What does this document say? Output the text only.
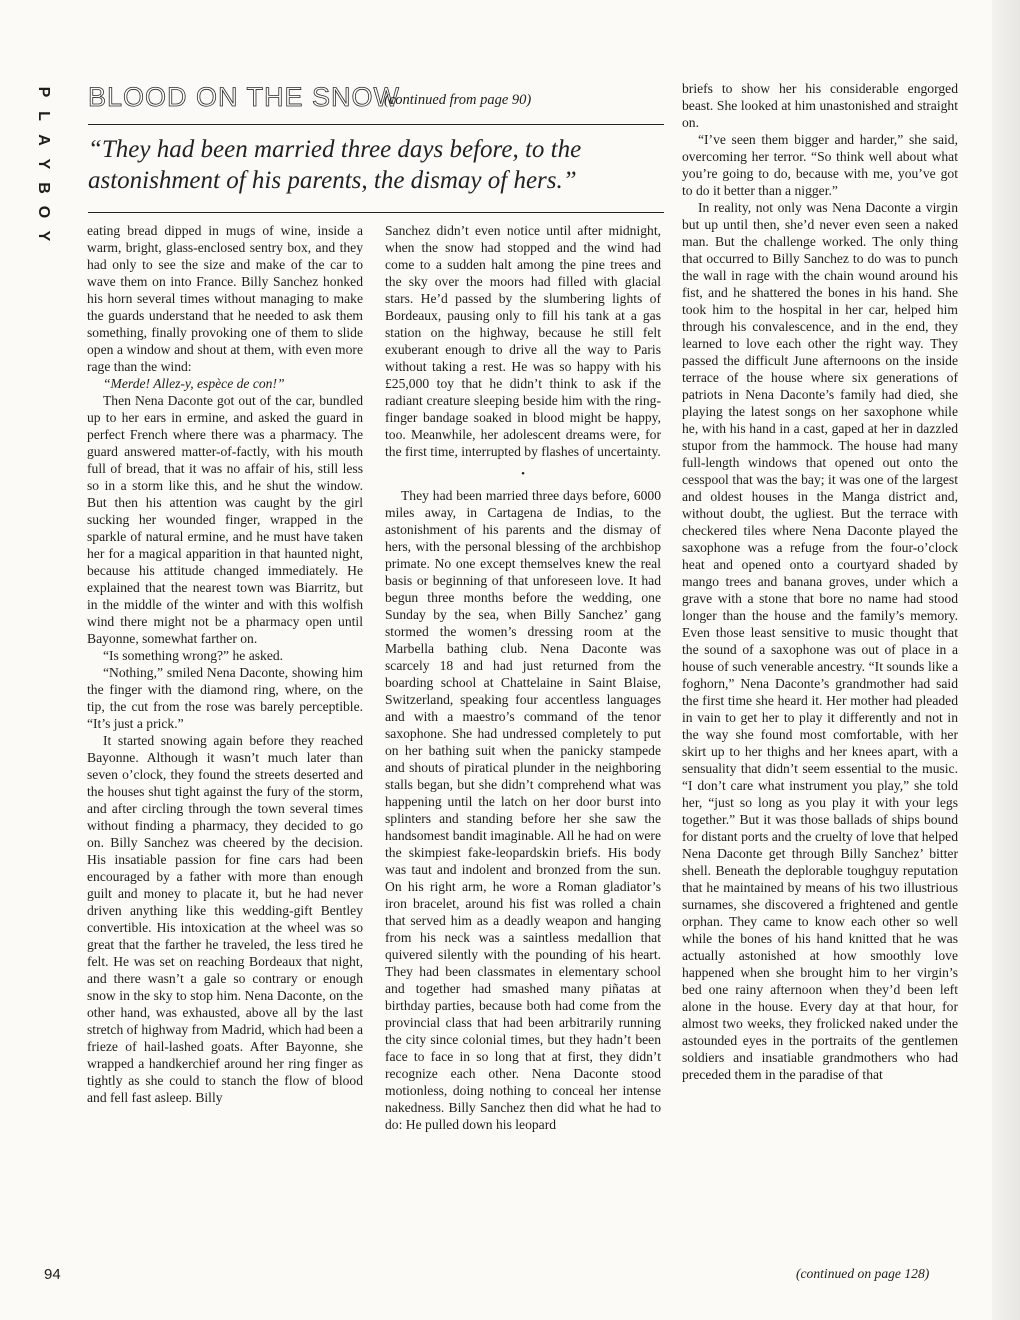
P
L
A
Y
B
O
Y
BLOOD ON THE SNOW
(continued from page 90)
“They had been married three days before, to the astonishment of his parents, the dismay of hers.”

eating bread dipped in mugs of wine, inside a warm, bright, glass-enclosed sentry box, and they had only to see the size and make of the car to wave them on into France. Billy Sanchez honked his horn several times without managing to make the guards understand that he needed to ask them something, finally provoking one of them to slide open a window and shout at them, with even more rage than the wind:

“Merde! Allez-y, espèce de con!”

Then Nena Daconte got out of the car, bundled up to her ears in ermine, and asked the guard in perfect French where there was a pharmacy. The guard answered matter-of-factly, with his mouth full of bread, that it was no affair of his, still less so in a storm like this, and he shut the window. But then his attention was caught by the girl sucking her wounded finger, wrapped in the sparkle of natural ermine, and he must have taken her for a magical apparition in that haunted night, because his attitude changed immediately. He explained that the nearest town was Biarritz, but in the middle of the winter and with this wolfish wind there might not be a pharmacy open until Bayonne, somewhat farther on.

“Is something wrong?” he asked.

“Nothing,” smiled Nena Daconte, showing him the finger with the diamond ring, where, on the tip, the cut from the rose was barely perceptible. “It’s just a prick.”

It started snowing again before they reached Bayonne. Although it wasn’t much later than seven o’clock, they found the streets deserted and the houses shut tight against the fury of the storm, and after circling through the town several times without finding a pharmacy, they decided to go on. Billy Sanchez was cheered by the decision. His insatiable passion for fine cars had been encouraged by a father with more than enough guilt and money to placate it, but he had never driven anything like this wedding-gift Bentley convertible. His intoxication at the wheel was so great that the farther he traveled, the less tired he felt. He was set on reaching Bordeaux that night, and there wasn’t a gale so contrary or enough snow in the sky to stop him. Nena Daconte, on the other hand, was exhausted, above all by the last stretch of highway from Madrid, which had been a frieze of hail-lashed goats. After Bayonne, she wrapped a handkerchief around her ring finger as tightly as she could to stanch the flow of blood and fell fast asleep. Billy

Sanchez didn’t even notice until after midnight, when the snow had stopped and the wind had come to a sudden halt among the pine trees and the sky over the moors had filled with glacial stars. He’d passed by the slumbering lights of Bordeaux, pausing only to fill his tank at a gas station on the highway, because he still felt exuberant enough to drive all the way to Paris without taking a rest. He was so happy with his £25,000 toy that he didn’t think to ask if the radiant creature sleeping beside him with the ring-finger bandage soaked in blood might be happy, too. Meanwhile, her adolescent dreams were, for the first time, interrupted by flashes of uncertainty.

•

They had been married three days before, 6000 miles away, in Cartagena de Indias, to the astonishment of his parents and the dismay of hers, with the personal blessing of the archbishop primate. No one except themselves knew the real basis or beginning of that unforeseen love. It had begun three months before the wedding, one Sunday by the sea, when Billy Sanchez’ gang stormed the women’s dressing room at the Marbella bathing club. Nena Daconte was scarcely 18 and had just returned from the boarding school at Chattelaine in Saint Blaise, Switzerland, speaking four accentless languages and with a maestro’s command of the tenor saxophone. She had undressed completely to put on her bathing suit when the panicky stampede and shouts of piratical plunder in the neighboring stalls began, but she didn’t comprehend what was happening until the latch on her door burst into splinters and standing before her she saw the handsomest bandit imaginable. All he had on were the skimpiest fake-leopardskin briefs. His body was taut and indolent and bronzed from the sun. On his right arm, he wore a Roman gladiator’s iron bracelet, around his fist was rolled a chain that served him as a deadly weapon and hanging from his neck was a saintless medallion that quivered silently with the pounding of his heart. They had been classmates in elementary school and together had smashed many piñatas at birthday parties, because both had come from the provincial class that had been arbitrarily running the city since colonial times, but they hadn’t been face to face in so long that at first, they didn’t recognize each other. Nena Daconte stood motionless, doing nothing to conceal her intense nakedness. Billy Sanchez then did what he had to do: He pulled down his leopard

briefs to show her his considerable engorged beast. She looked at him unastonished and straight on.

“I’ve seen them bigger and harder,” she said, overcoming her terror. “So think well about what you’re going to do, because with me, you’ve got to do it better than a nigger.”

In reality, not only was Nena Daconte a virgin but up until then, she’d never even seen a naked man. But the challenge worked. The only thing that occurred to Billy Sanchez to do was to punch the wall in rage with the chain wound around his fist, and he shattered the bones in his hand. She took him to the hospital in her car, helped him through his convalescence, and in the end, they learned to love each other the right way. They passed the difficult June afternoons on the inside terrace of the house where six generations of patriots in Nena Daconte’s family had died, she playing the latest songs on her saxophone while he, with his hand in a cast, gaped at her in dazzled stupor from the hammock. The house had many full-length windows that opened out onto the cesspool that was the bay; it was one of the largest and oldest houses in the Manga district and, without doubt, the ugliest. But the terrace with checkered tiles where Nena Daconte played the saxophone was a refuge from the four-o’clock heat and opened onto a courtyard shaded by mango trees and banana groves, under which a grave with a stone that bore no name had stood longer than the house and the family’s memory. Even those least sensitive to music thought that the sound of a saxophone was out of place in a house of such venerable ancestry. “It sounds like a foghorn,” Nena Daconte’s grandmother had said the first time she heard it. Her mother had pleaded in vain to get her to play it differently and not in the way she found most comfortable, with her skirt up to her thighs and her knees apart, with a sensuality that didn’t seem essential to the music. “I don’t care what instrument you play,” she told her, “just so long as you play it with your legs together.” But it was those ballads of ships bound for distant ports and the cruelty of love that helped Nena Daconte get through Billy Sanchez’ bitter shell. Beneath the deplorable toughguy reputation that he maintained by means of his two illustrious surnames, she discovered a frightened and gentle orphan. They came to know each other so well while the bones of his hand knitted that he was actually astonished at how smoothly love happened when she brought him to her virgin’s bed one rainy afternoon when they’d been left alone in the house. Every day at that hour, for almost two weeks, they frolicked naked under the astounded eyes in the portraits of the gentlemen soldiers and insatiable grandmothers who had preceded them in the paradise of that

(continued on page 128)
94
